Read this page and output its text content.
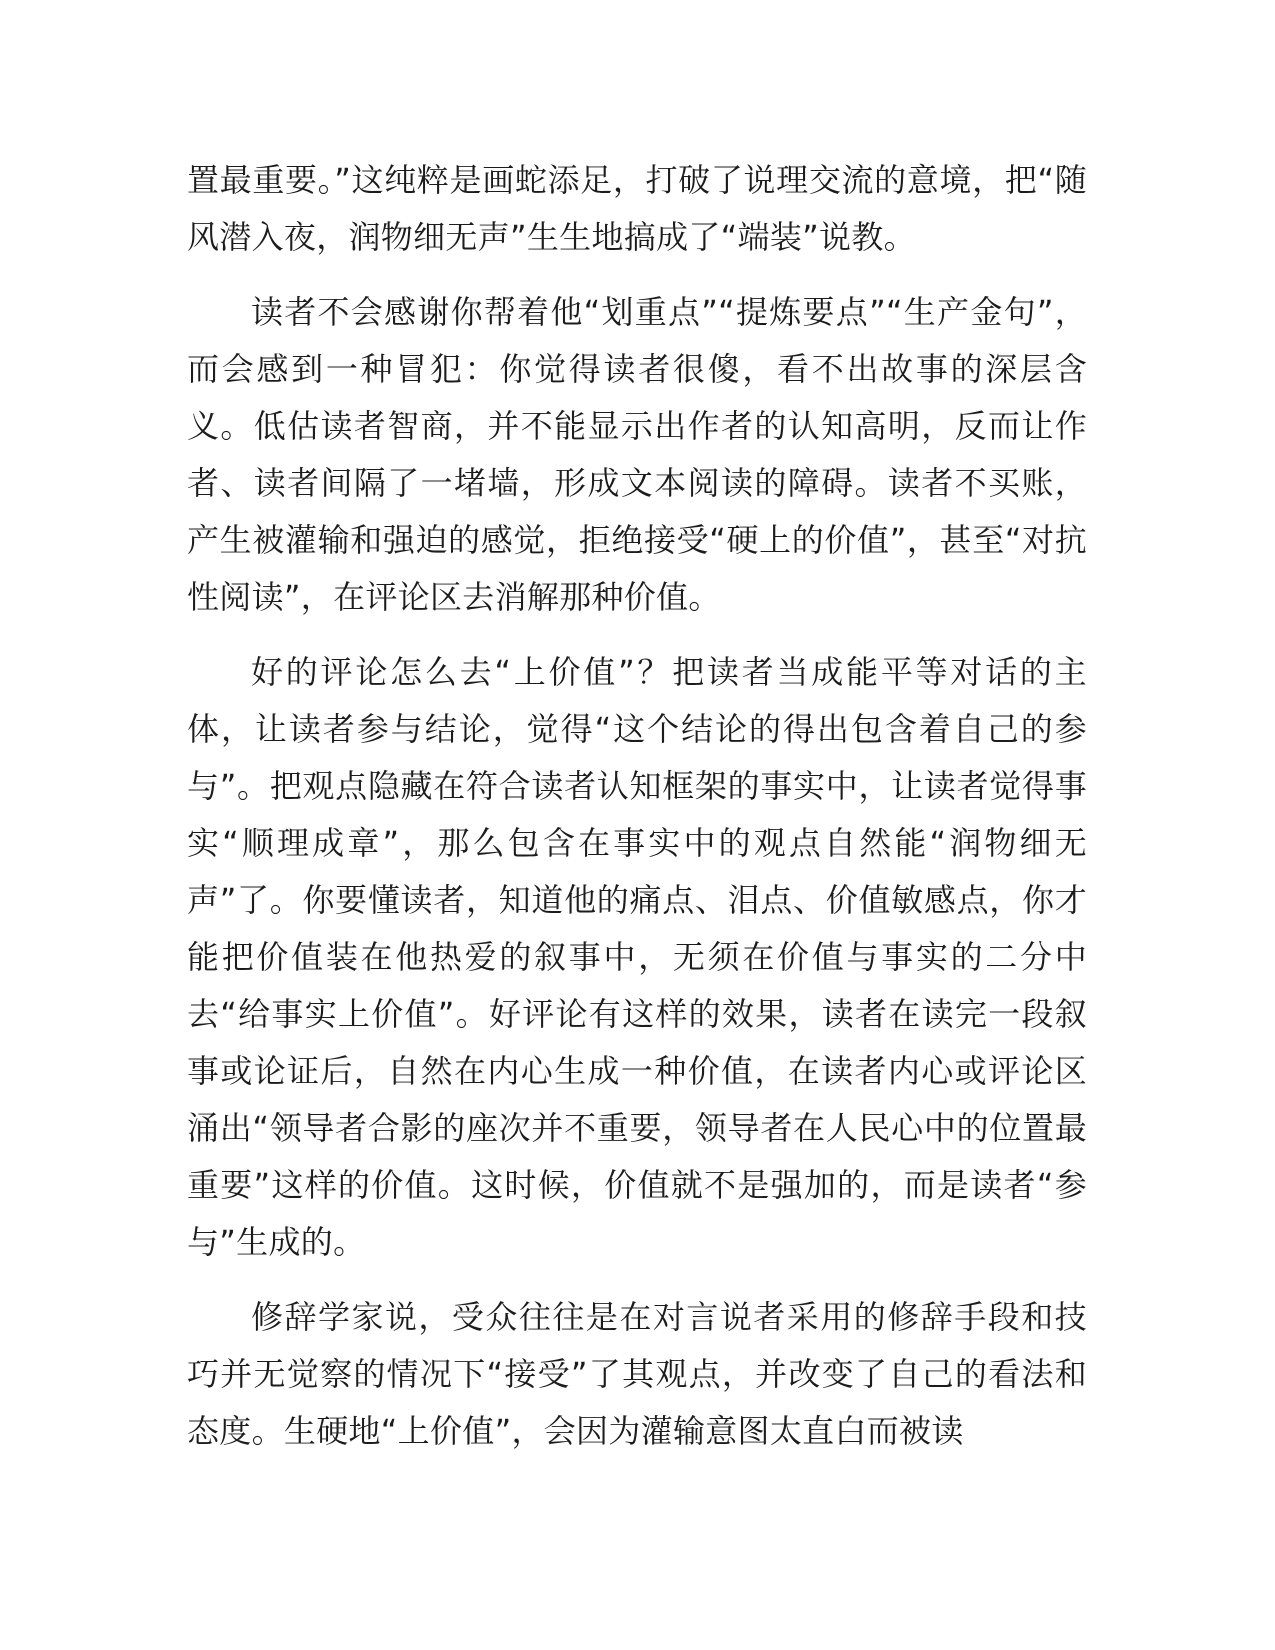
置最重要。”这纯粹是画蛇添足，打破了说理交流的意境，把“随风潜入夜，润物细无声”生生地搞成了“端装”说教。

读者不会感谢你帮着他“划重点”“提炼要点”“生产金句”，而会感到一种冒犯：你觉得读者很傻，看不出故事的深层含义。低估读者智商，并不能显示出作者的认知高明，反而让作者、读者间隔了一堵墙，形成文本阅读的障碍。读者不买账，产生被灌输和强迫的感觉，拒绝接受“硬上的价值”，甚至“对抗性阅读”，在评论区去消解那种价值。

好的评论怎么去“上价值”？把读者当成能平等对话的主体，让读者参与结论，觉得“这个结论的得出包含着自己的参与”。把观点隐藏在符合读者认知框架的事实中，让读者觉得事实“顺理成章”，那么包含在事实中的观点自然能“润物细无声”了。你要懂读者，知道他的痛点、泪点、价值敏感点，你才能把价值装在他热爱的叙事中，无须在价值与事实的二分中去“给事实上价值”。好评论有这样的效果，读者在读完一段叙事或论证后，自然在内心生成一种价值，在读者内心或评论区涌出“领导者合影的座次并不重要，领导者在人民心中的位置最重要”这样的价值。这时候，价值就不是强加的，而是读者“参与”生成的。

修辞学家说，受众往往是在对言说者采用的修辞手段和技巧并无觉察的情况下“接受”了其观点，并改变了自己的看法和态度。生硬地“上价值”，会因为灌输意图太直白而被读
